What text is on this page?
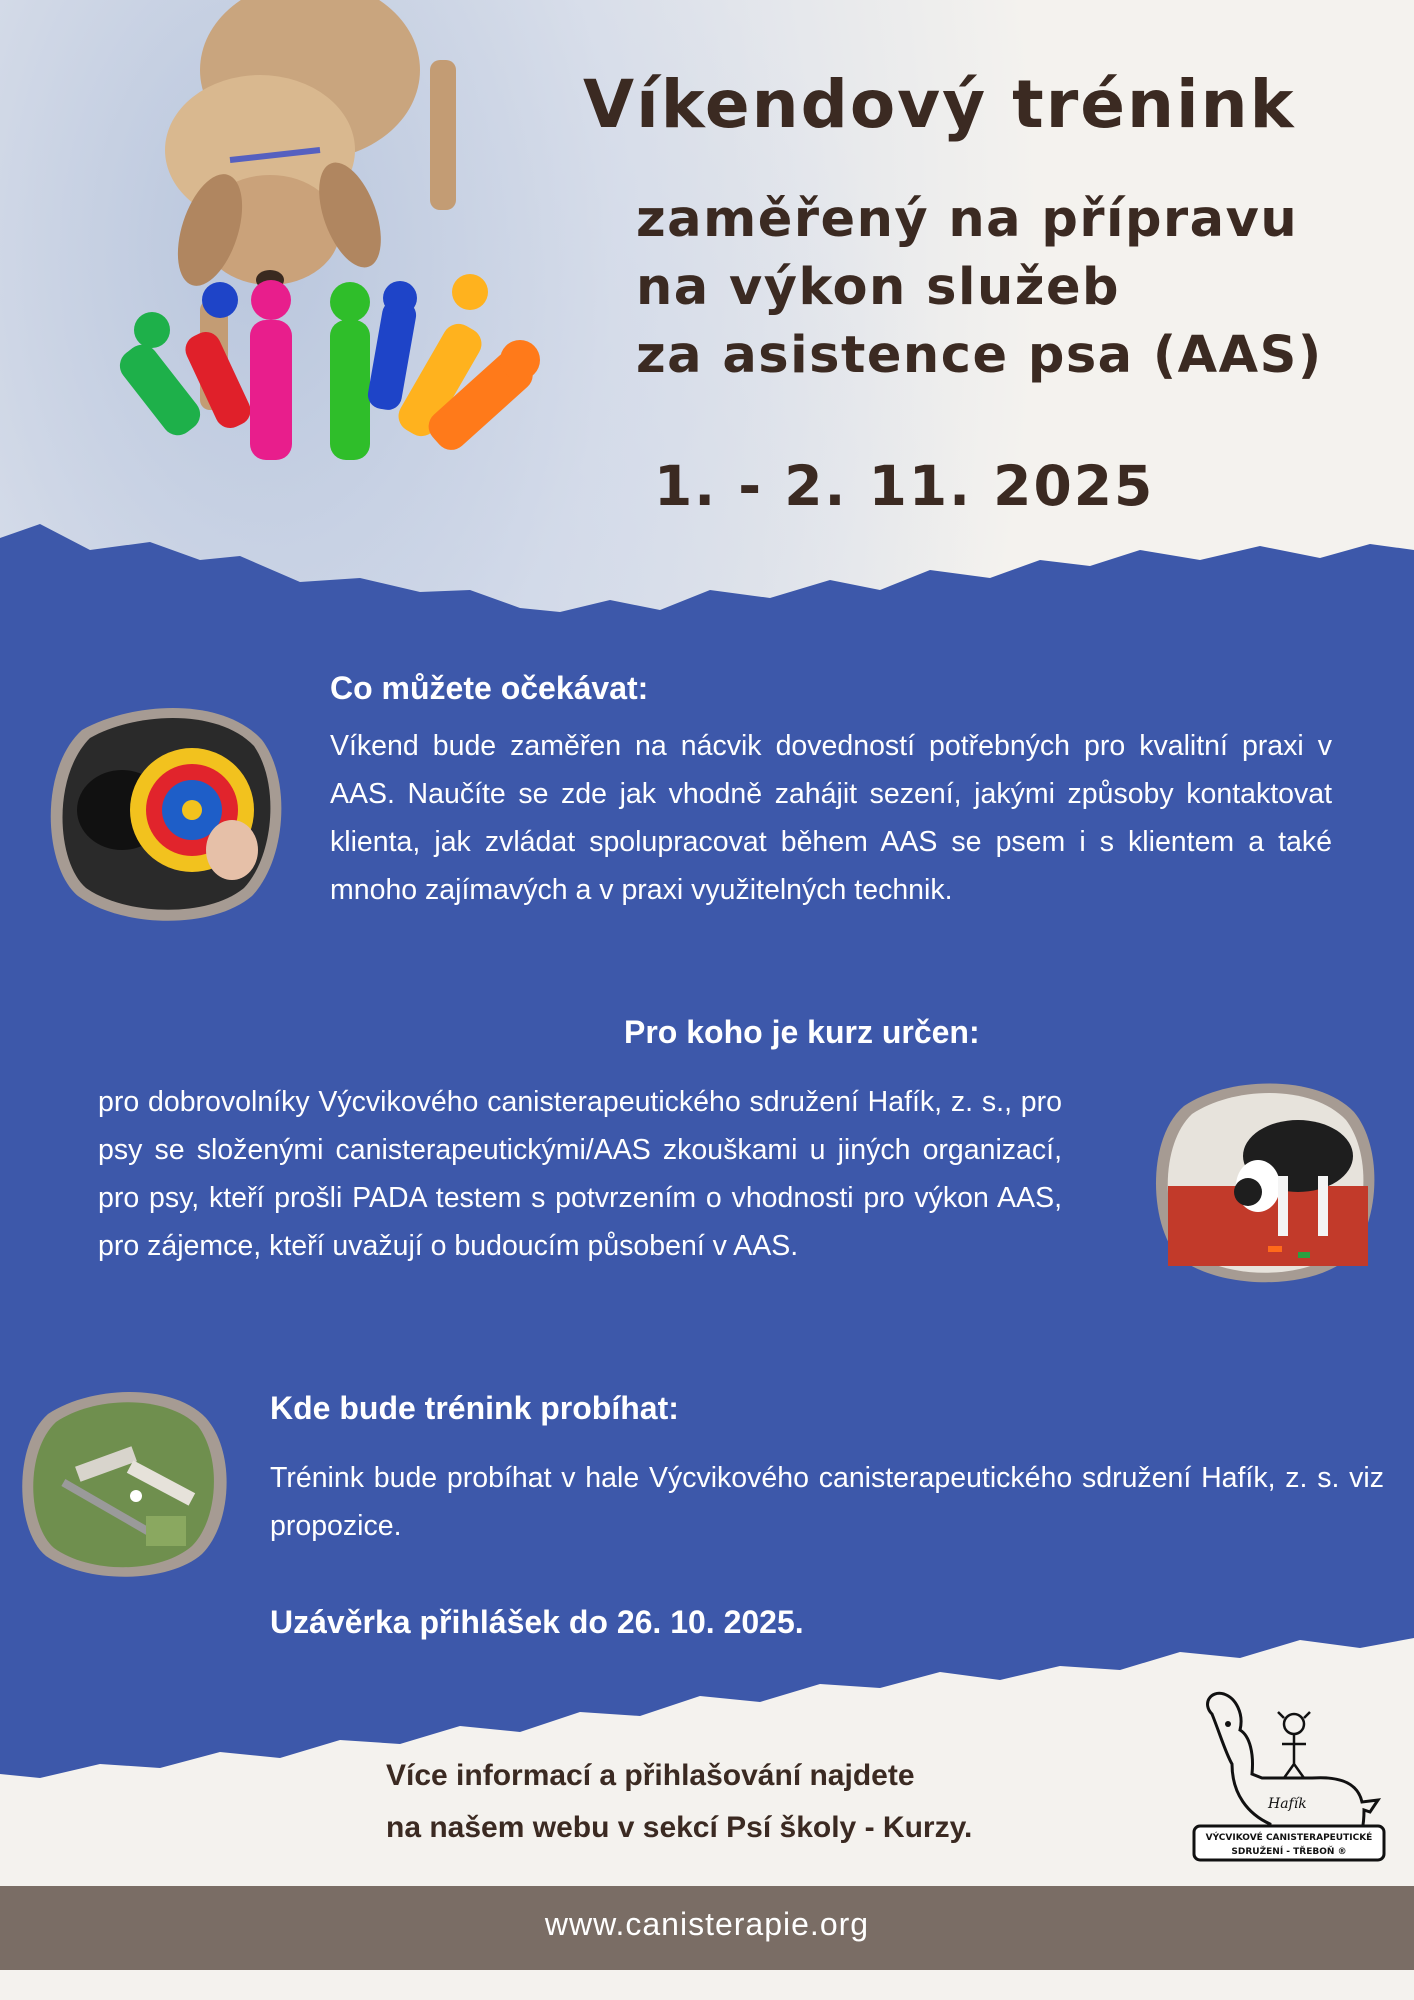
Víkendový trénink
zaměřený na přípravu
na výkon služeb
za asistence psa (AAS)
1. - 2. 11. 2025
Co můžete očekávat:

Víkend bude zaměřen na nácvik dovedností potřebných pro kvalitní praxi v AAS. Naučíte se zde jak vhodně zahájit sezení, jakými způsoby kontaktovat klienta, jak zvládat spolupracovat během AAS se psem i s klientem a také mnoho zajímavých a v praxi využitelných technik.

Pro koho je kurz určen:

pro dobrovolníky Výcvikového canisterapeutického sdružení Hafík, z. s., pro psy se složenými canisterapeutickými/AAS zkouškami u jiných organizací, pro psy, kteří prošli PADA testem s potvrzením o vhodnosti pro výkon AAS, pro zájemce, kteří uvažují o budoucím působení v AAS.

Kde bude trénink probíhat:

Trénink bude probíhat v hale Výcvikového canisterapeutického sdružení Hafík, z. s. viz propozice.

Uzávěrka přihlášek do 26. 10. 2025.
Více informací a přihlašování najdete
na našem webu v sekcí Psí školy - Kurzy.
Hafík
VÝCVIKOVÉ CANISTERAPEUTICKÉ
SDRUŽENÍ - TŘEBOŇ ®
www.canisterapie.org
